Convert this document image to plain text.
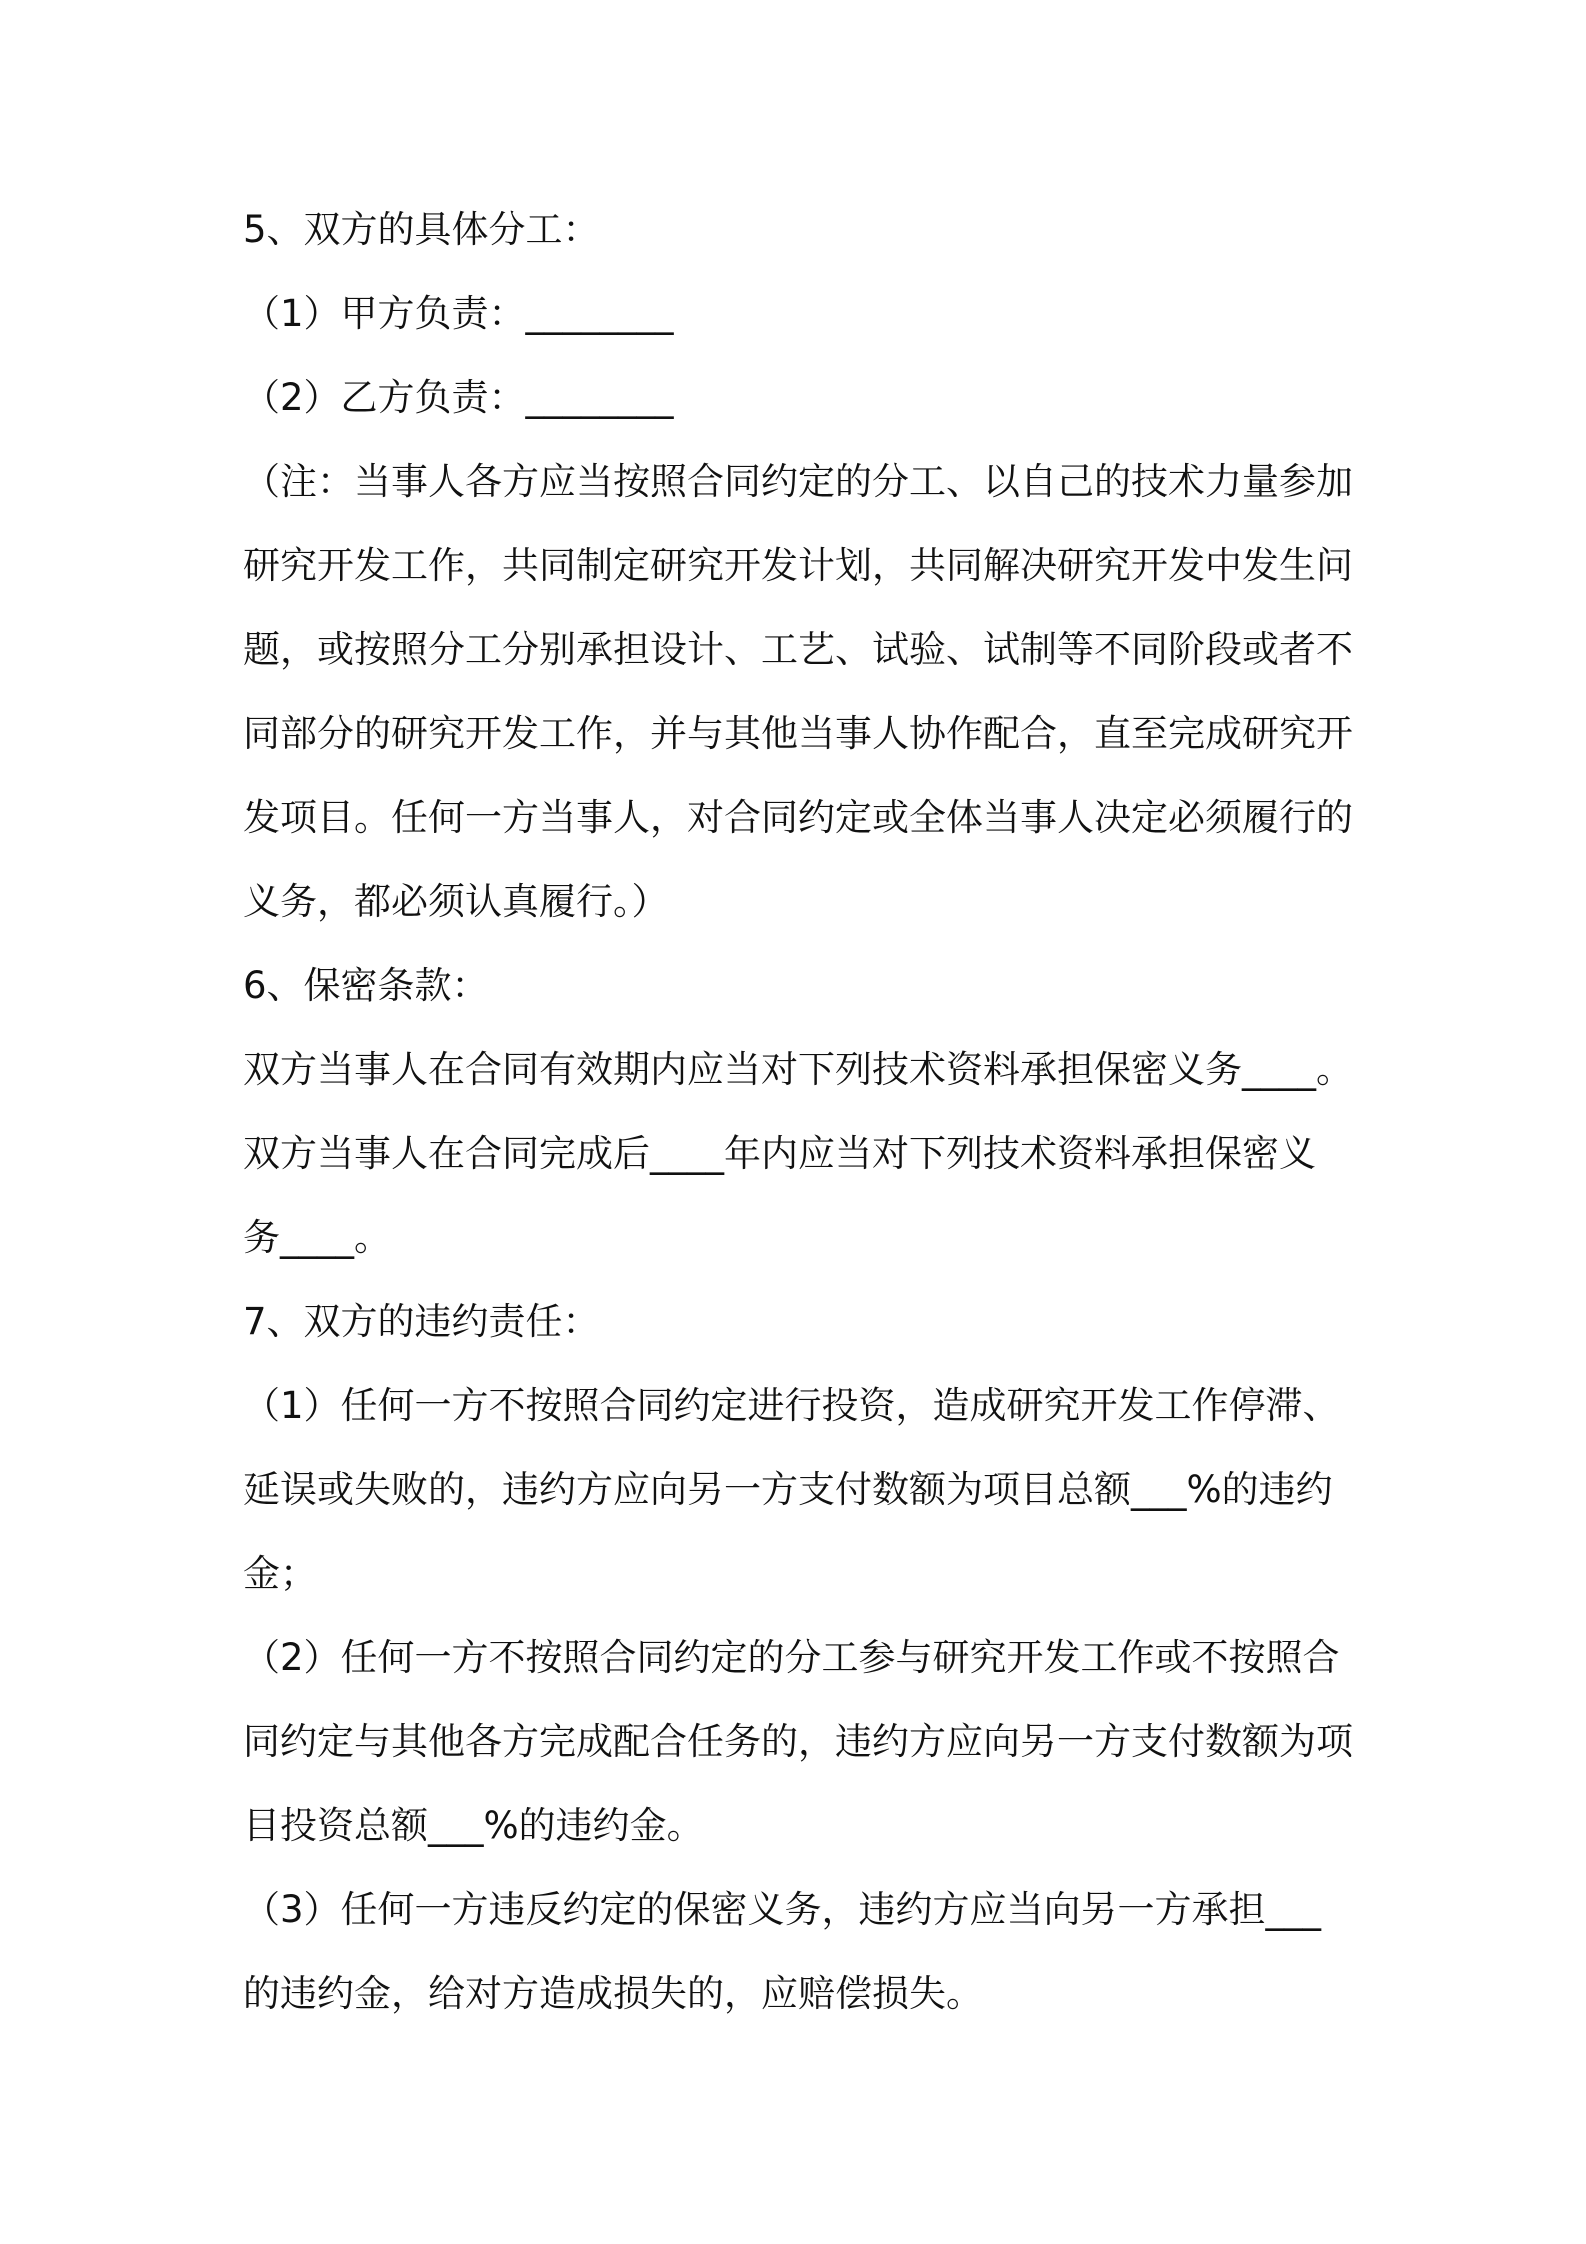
5、双方的具体分工：
（1）甲方负责：________
（2）乙方负责：________
（注：当事人各方应当按照合同约定的分工、以自己的技术力量参加
研究开发工作，共同制定研究开发计划，共同解决研究开发中发生问
题，或按照分工分别承担设计、工艺、试验、试制等不同阶段或者不
同部分的研究开发工作，并与其他当事人协作配合，直至完成研究开
发项目。任何一方当事人，对合同约定或全体当事人决定必须履行的
义务，都必须认真履行。）
6、保密条款：
双方当事人在合同有效期内应当对下列技术资料承担保密义务____。
双方当事人在合同完成后____年内应当对下列技术资料承担保密义
务____。
7、双方的违约责任：
（1）任何一方不按照合同约定进行投资，造成研究开发工作停滞、
延误或失败的，违约方应向另一方支付数额为项目总额___%的违约
金；
（2）任何一方不按照合同约定的分工参与研究开发工作或不按照合
同约定与其他各方完成配合任务的，违约方应向另一方支付数额为项
目投资总额___%的违约金。
（3）任何一方违反约定的保密义务，违约方应当向另一方承担___
的违约金，给对方造成损失的，应赔偿损失。
